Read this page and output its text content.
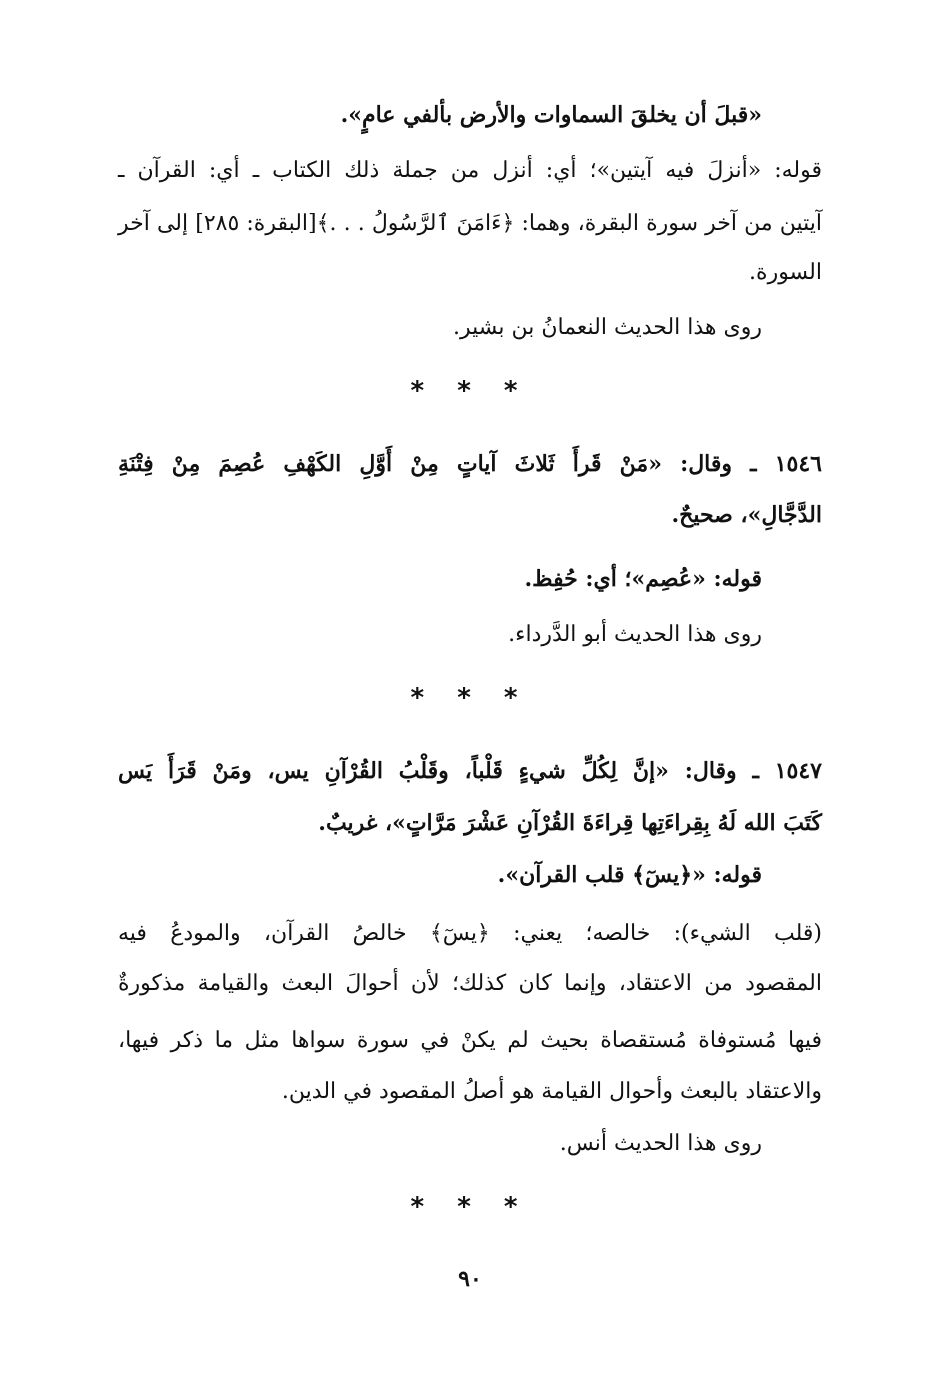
«قبلَ أن يخلقَ السماوات والأرض بألفي عامٍ».
قوله: «أنزلَ فيه آيتين»؛ أي: أنزل من جملة ذلك الكتاب ـ أي: القرآن ـ
آيتين من آخر سورة البقرة، وهما: ﴿ءَامَنَ ٱلرَّسُولُ . . .﴾[البقرة: ٢٨٥] إلى آخر
السورة.
روى هذا الحديث النعمانُ بن بشير.
* * *
١٥٤٦ ـ وقال: «مَنْ قَرأَ ثَلاثَ آياتٍ مِنْ أَوَّلِ الكَهْفِ عُصِمَ مِنْ فِتْنَةِ
الدَّجَّالِ»، صحيحٌ.
قوله: «عُصِم»؛ أي: حُفِظ.
روى هذا الحديث أبو الدَّرداء.
* * *
١٥٤٧ ـ وقال: «إنَّ لِكُلِّ شيءٍ قَلْباً، وقَلْبُ القُرْآنِ يس، ومَنْ قَرَأَ يَس
كَتَبَ الله لَهُ بِقِراءَتِها قِراءَةَ القُرْآنِ عَشْرَ مَرَّاتٍ»، غريبٌ.
قوله: «﴿يسٓ﴾ قلب القرآن».
(قلب الشيء): خالصه؛ يعني: ﴿يسٓ﴾ خالصُ القرآن، والمودعُ فيه
المقصود من الاعتقاد، وإنما كان كذلك؛ لأن أحوالَ البعث والقيامة مذكورةٌ
فيها مُستوفاة مُستقصاة بحيث لم يكنْ في سورة سواها مثل ما ذكر فيها،
والاعتقاد بالبعث وأحوال القيامة هو أصلُ المقصود في الدين.
روى هذا الحديث أنس.
* * *
٩٠
